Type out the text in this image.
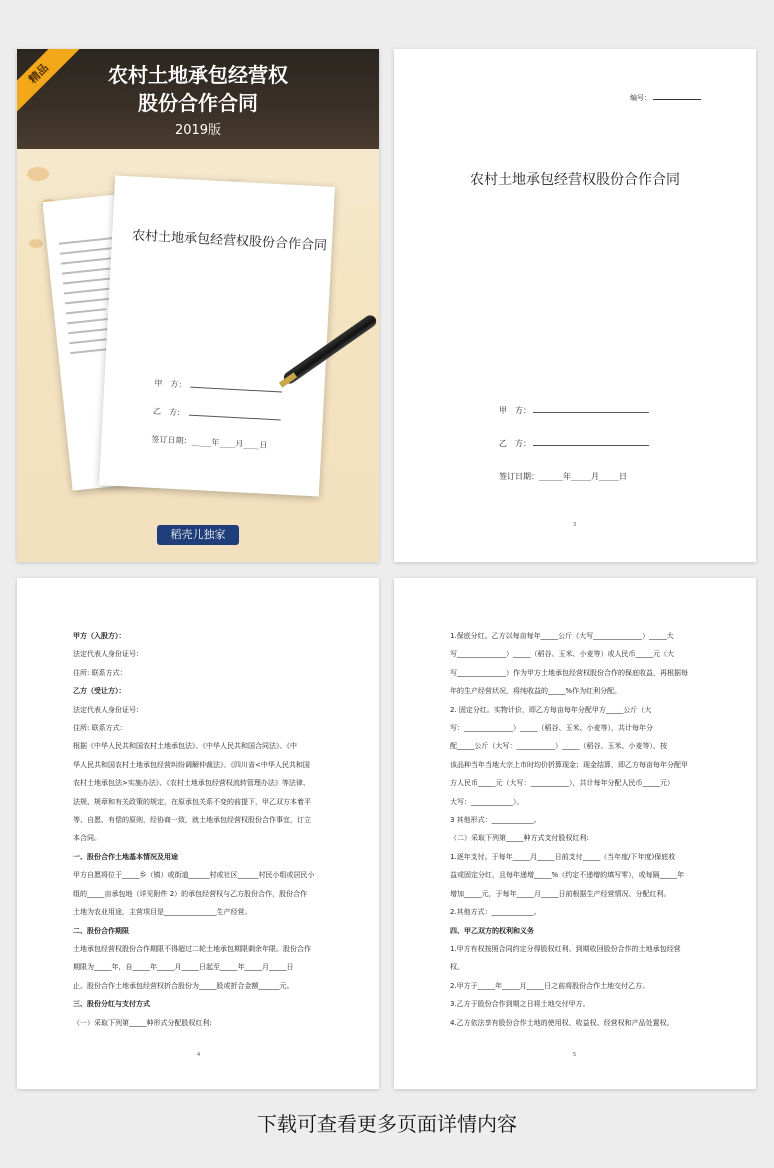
精品	农村土地承包经营权
股份合作合同
2019版
农村土地承包经营权股份合作合同
甲　方：
乙　方：
签订日期：_____年____月____日
稻壳儿独家
编号：
农村土地承包经营权股份合作合同
甲　方：
乙　方：
签订日期：______年_____月_____日
3

甲方（入股方）：

法定代表人身份证号：

住所: 联系方式：

乙方（受让方）：

法定代表人身份证号：

住所: 联系方式：

根据《中华人民共和国农村土地承包法》、《中华人民共和国合同法》、《中

华人民共和国农村土地承包经营纠纷调解仲裁法》、《四川省<中华人民共和国

农村土地承包法>实施办法》、《农村土地承包经营权流转管理办法》等法律、

法规、规章和有关政策的规定，在原承包关系不变的前提下，甲乙双方本着平

等、自愿、有偿的原则，经协商一致，就土地承包经营权股份合作事宜，订立

本合同。

一、股份合作土地基本情况及用途

甲方自愿将位于_____乡（镇）或街道______村或社区______村民小组或居民小

组的_____亩承包地（详见附件 2）的承包经营权与乙方股份合作，股份合作

土地为农业用途，主营项目是_______________生产经营。

二、股份合作期限

土地承包经营权股份合作期限不得超过二轮土地承包期限剩余年限。股份合作

期限为_____年，自_____年_____月_____日起至_____年_____月_____日

止。股份合作土地承包经营权折合股份为_____股或折合金额______元。

三、股份分红与支付方式

（一）采取下列第_____种形式分配股权红利:

4

1.保底分红。乙方以每亩每年_____公斤（大写______________）_____大

写______________）_____（稻谷、玉米、小麦等）或人民币_____元（大

写______________）作为甲方土地承包经营权股份合作的保底收益，再根据每

年的生产经营状况，将纯收益的_____%作为红利分配。

2. 固定分红。实物计价，即乙方每亩每年分配甲方_____公斤（大

写：______________）_____（稻谷、玉米、小麦等），共计每年分

配_____公斤（大写：___________）_____（稻谷、玉米、小麦等），按

该品种当年当地大宗上市时均价折算现金；现金结算，即乙方每亩每年分配甲

方人民币_____元（大写：___________），共计每年分配人民币_____元）

大写：____________）。

3 其他形式：____________。

（二）采取下列第_____种方式支付股权红利:

1.逐年支付。于每年_____月_____日前支付_____（当年度/下年度)保底收

益或固定分红，且每年递增_____%（约定不递增的填写零），或每隔_____年

增加_____元，于每年_____月_____日前根据生产经营情况、分配红利。

2.其他方式：____________。

四、甲乙双方的权利和义务

1.甲方有权按照合同约定分得股权红利、到期收回股份合作的土地承包经营

权。

2.甲方于_____年_____月_____日之前将股份合作土地交付乙方。

3.乙方于股份合作到期之日将土地交付甲方。

4.乙方依法享有股份合作土地的使用权、收益权、经营权和产品处置权。

5
下载可查看更多页面详情内容
